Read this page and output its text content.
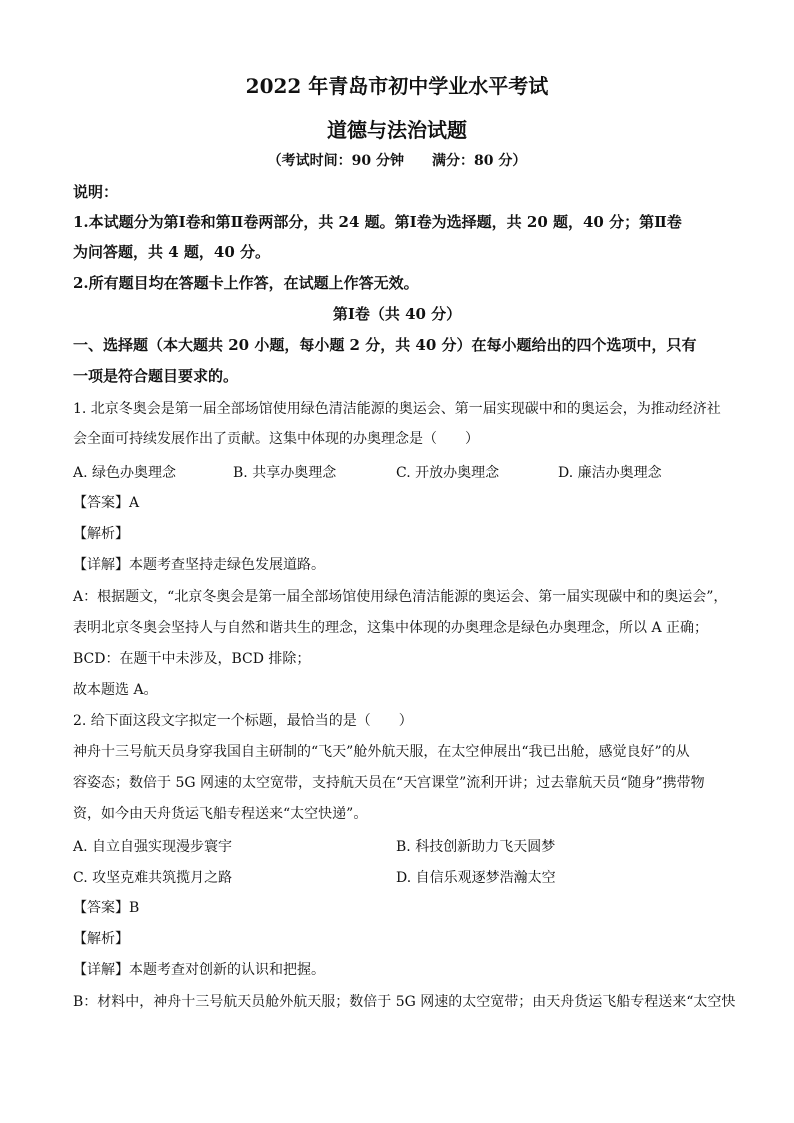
2022 年青岛市初中学业水平考试
道德与法治试题
（考试时间：90 分钟　　满分：80 分）
说明：
1.本试题分为第Ⅰ卷和第Ⅱ卷两部分，共 24 题。第Ⅰ卷为选择题，共 20 题，40 分；第Ⅱ卷
为问答题，共 4 题，40 分。
2.所有题目均在答题卡上作答，在试题上作答无效。
第Ⅰ卷（共 40 分）
一、选择题（本大题共 20 小题，每小题 2 分，共 40 分）在每小题给出的四个选项中，只有
一项是符合题目要求的。
1. 北京冬奥会是第一届全部场馆使用绿色清洁能源的奥运会、第一届实现碳中和的奥运会，为推动经济社
会全面可持续发展作出了贡献。这集中体现的办奥理念是（　　）
A. 绿色办奥理念	B. 共享办奥理念	C. 开放办奥理念	D. 廉洁办奥理念
【答案】A
【解析】
【详解】本题考查坚持走绿色发展道路。
A：根据题文，“北京冬奥会是第一届全部场馆使用绿色清洁能源的奥运会、第一届实现碳中和的奥运会”，
表明北京冬奥会坚持人与自然和谐共生的理念，这集中体现的办奥理念是绿色办奥理念，所以 A 正确；
BCD：在题干中未涉及，BCD 排除；
故本题选 A。
2. 给下面这段文字拟定一个标题，最恰当的是（　　）
神舟十三号航天员身穿我国自主研制的“飞天”舱外航天服，在太空伸展出“我已出舱，感觉良好”的从
容姿态；数倍于 5G 网速的太空宽带，支持航天员在“天宫课堂”流利开讲；过去靠航天员“随身”携带物
资，如今由天舟货运飞船专程送来“太空快递”。
A. 自立自强实现漫步寰宇	B. 科技创新助力飞天圆梦
C. 攻坚克难共筑揽月之路	D. 自信乐观逐梦浩瀚太空
【答案】B
【解析】
【详解】本题考查对创新的认识和把握。
B：材料中，神舟十三号航天员舱外航天服；数倍于 5G 网速的太空宽带；由天舟货运飞船专程送来“太空快
